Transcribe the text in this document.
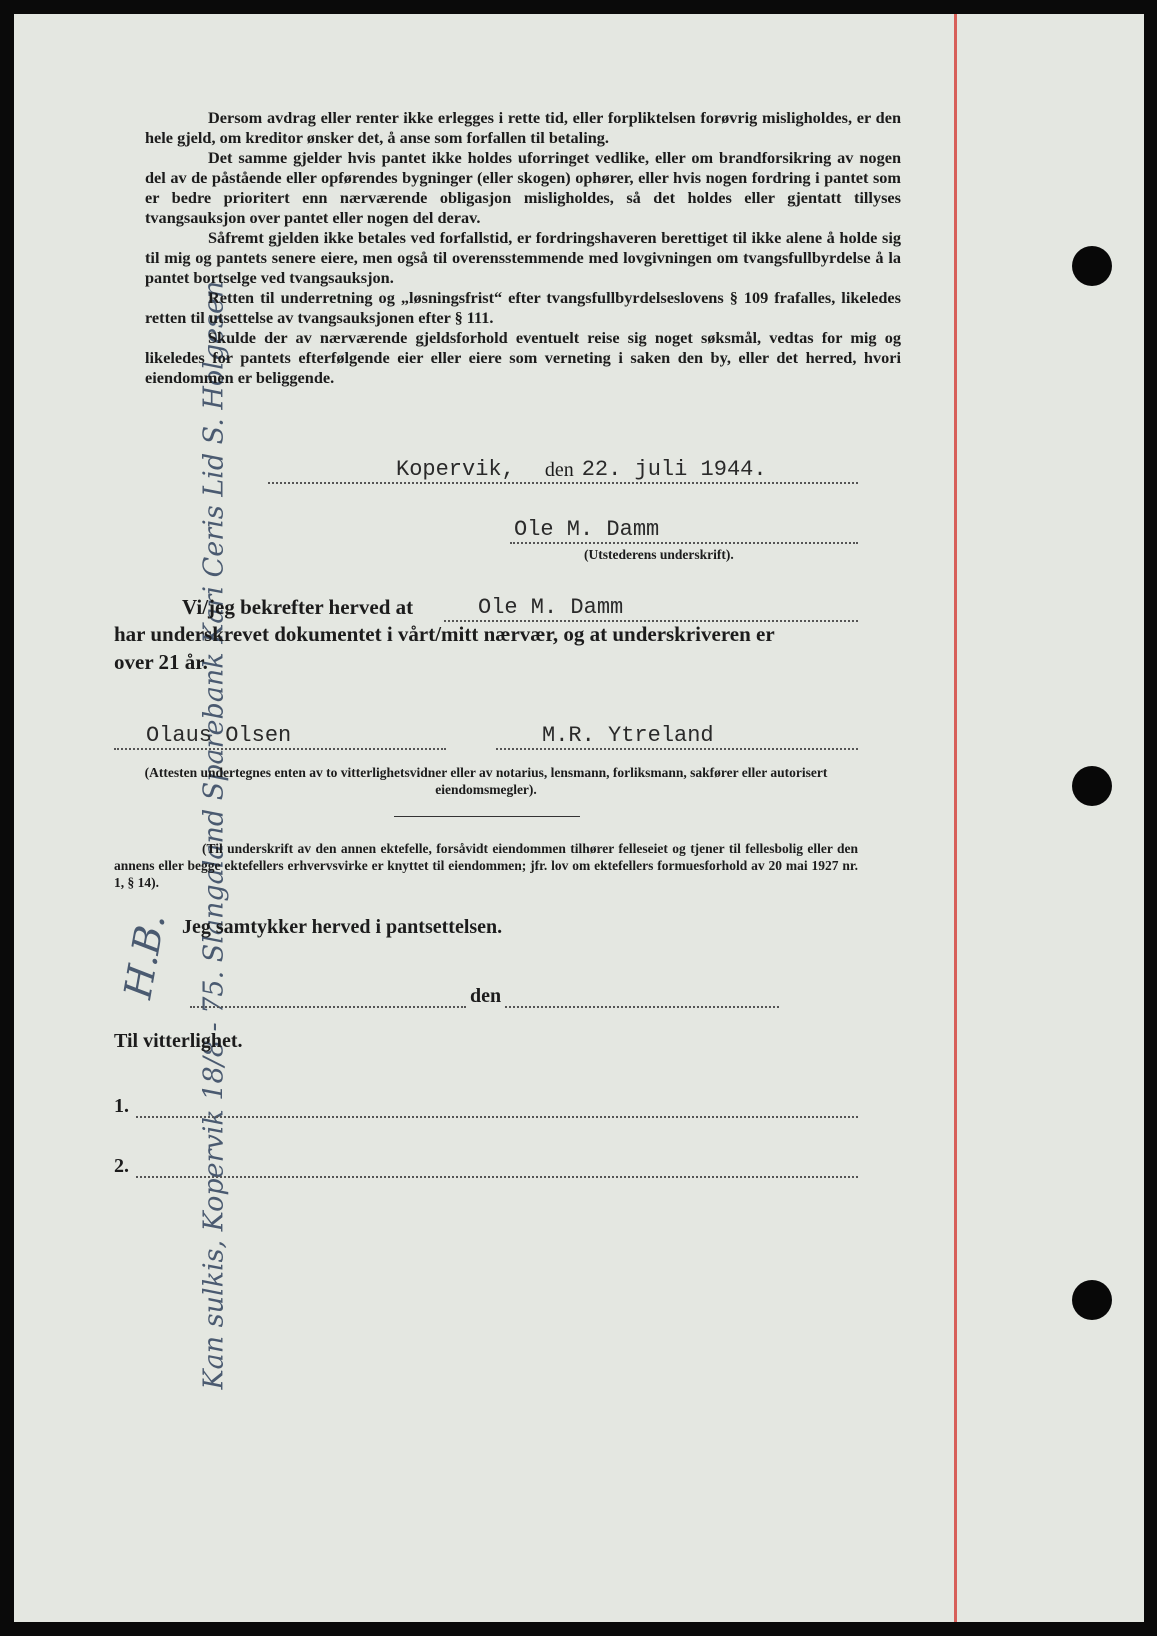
Kan sulkis, Kopervik 18/8 - 75. Slangaland Sparebank Kari Ceris Lid S. Holgesen
H.B.

Dersom avdrag eller renter ikke erlegges i rette tid, eller forpliktelsen forøvrig misligholdes, er den hele gjeld, om kreditor ønsker det, å anse som forfallen til betaling.

Det samme gjelder hvis pantet ikke holdes uforringet vedlike, eller om brandforsikring av nogen del av de påstående eller opførendes bygninger (eller skogen) ophører, eller hvis nogen fordring i pantet som er bedre prioritert enn nærværende obligasjon misligholdes, så det holdes eller gjentatt tillyses tvangsauksjon over pantet eller nogen del derav.

Såfremt gjelden ikke betales ved forfallstid, er fordringshaveren berettiget til ikke alene å holde sig til mig og pantets senere eiere, men også til overensstemmende med lovgivningen om tvangsfullbyrdelse å la pantet bortselge ved tvangsauksjon.

Retten til underretning og „løsningsfrist“ efter tvangsfullbyrdelseslovens § 109 frafalles, likeledes retten til utsettelse av tvangsauksjonen efter § 111.

Skulde der av nærværende gjeldsforhold eventuelt reise sig noget søksmål, vedtas for mig og likeledes for pantets efterfølgende eier eller eiere som verneting i saken den by, eller det herred, hvori eiendommen er beliggende.

Kopervik, den 22. juli 1944.
Ole M. Damm
(Utstederens underskrift).
Vi/jeg bekrefter herved at	Ole M. Damm
har underskrevet dokumentet i vårt/mitt nærvær, og at underskriveren er
over 21 år.
Olaus Olsen	M.R. Ytreland
(Attesten undertegnes enten av to vitterlighetsvidner eller av notarius, lensmann, forliksmann, sakfører eller autorisert eiendomsmegler).
(Til underskrift av den annen ektefelle, forsåvidt eiendommen tilhører felleseiet og tjener til fellesbolig eller den annens eller begge ektefellers erhvervsvirke er knyttet til eiendommen; jfr. lov om ektefellers formuesforhold av 20 mai 1927 nr. 1, § 14).
Jeg samtykker herved i pantsettelsen.
den
Til vitterlighet.
1.
2.
